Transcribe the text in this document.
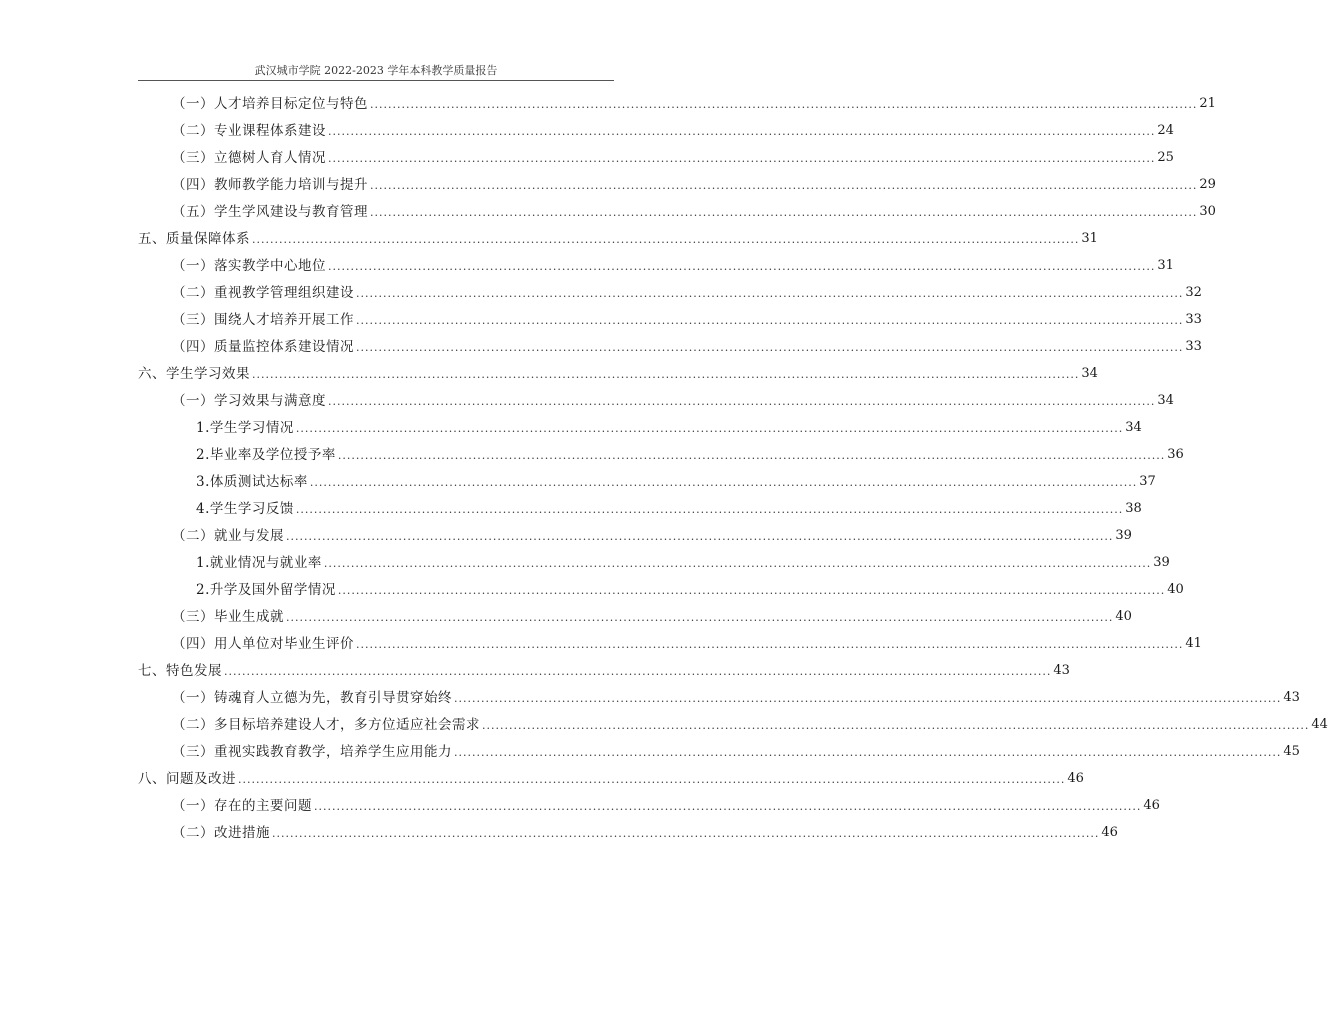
武汉城市学院 2022-2023 学年本科教学质量报告
（一）人才培养目标定位与特色 ........................................................................................................................................................................................ 21
（二）专业课程体系建设 ........................................................................................................................................................................................ 24
（三）立德树人育人情况 ........................................................................................................................................................................................ 25
（四）教师教学能力培训与提升 ........................................................................................................................................................................................ 29
（五）学生学风建设与教育管理 ........................................................................................................................................................................................ 30
五、质量保障体系 ........................................................................................................................................................................................ 31
（一）落实教学中心地位 ........................................................................................................................................................................................ 31
（二）重视教学管理组织建设 ........................................................................................................................................................................................ 32
（三）围绕人才培养开展工作 ........................................................................................................................................................................................ 33
（四）质量监控体系建设情况 ........................................................................................................................................................................................ 33
六、学生学习效果 ........................................................................................................................................................................................ 34
（一）学习效果与满意度 ........................................................................................................................................................................................ 34
1.学生学习情况 ........................................................................................................................................................................................ 34
2.毕业率及学位授予率 ........................................................................................................................................................................................ 36
3.体质测试达标率 ........................................................................................................................................................................................ 37
4.学生学习反馈 ........................................................................................................................................................................................ 38
（二）就业与发展 ........................................................................................................................................................................................ 39
1.就业情况与就业率 ........................................................................................................................................................................................ 39
2.升学及国外留学情况 ........................................................................................................................................................................................ 40
（三）毕业生成就 ........................................................................................................................................................................................ 40
（四）用人单位对毕业生评价 ........................................................................................................................................................................................ 41
七、特色发展 ........................................................................................................................................................................................ 43
（一）铸魂育人立德为先，教育引导贯穿始终 ........................................................................................................................................................................................ 43
（二）多目标培养建设人才，多方位适应社会需求 ........................................................................................................................................................................................ 44
（三）重视实践教育教学，培养学生应用能力 ........................................................................................................................................................................................ 45
八、问题及改进 ........................................................................................................................................................................................ 46
（一）存在的主要问题 ........................................................................................................................................................................................ 46
（二）改进措施 ........................................................................................................................................................................................ 46
